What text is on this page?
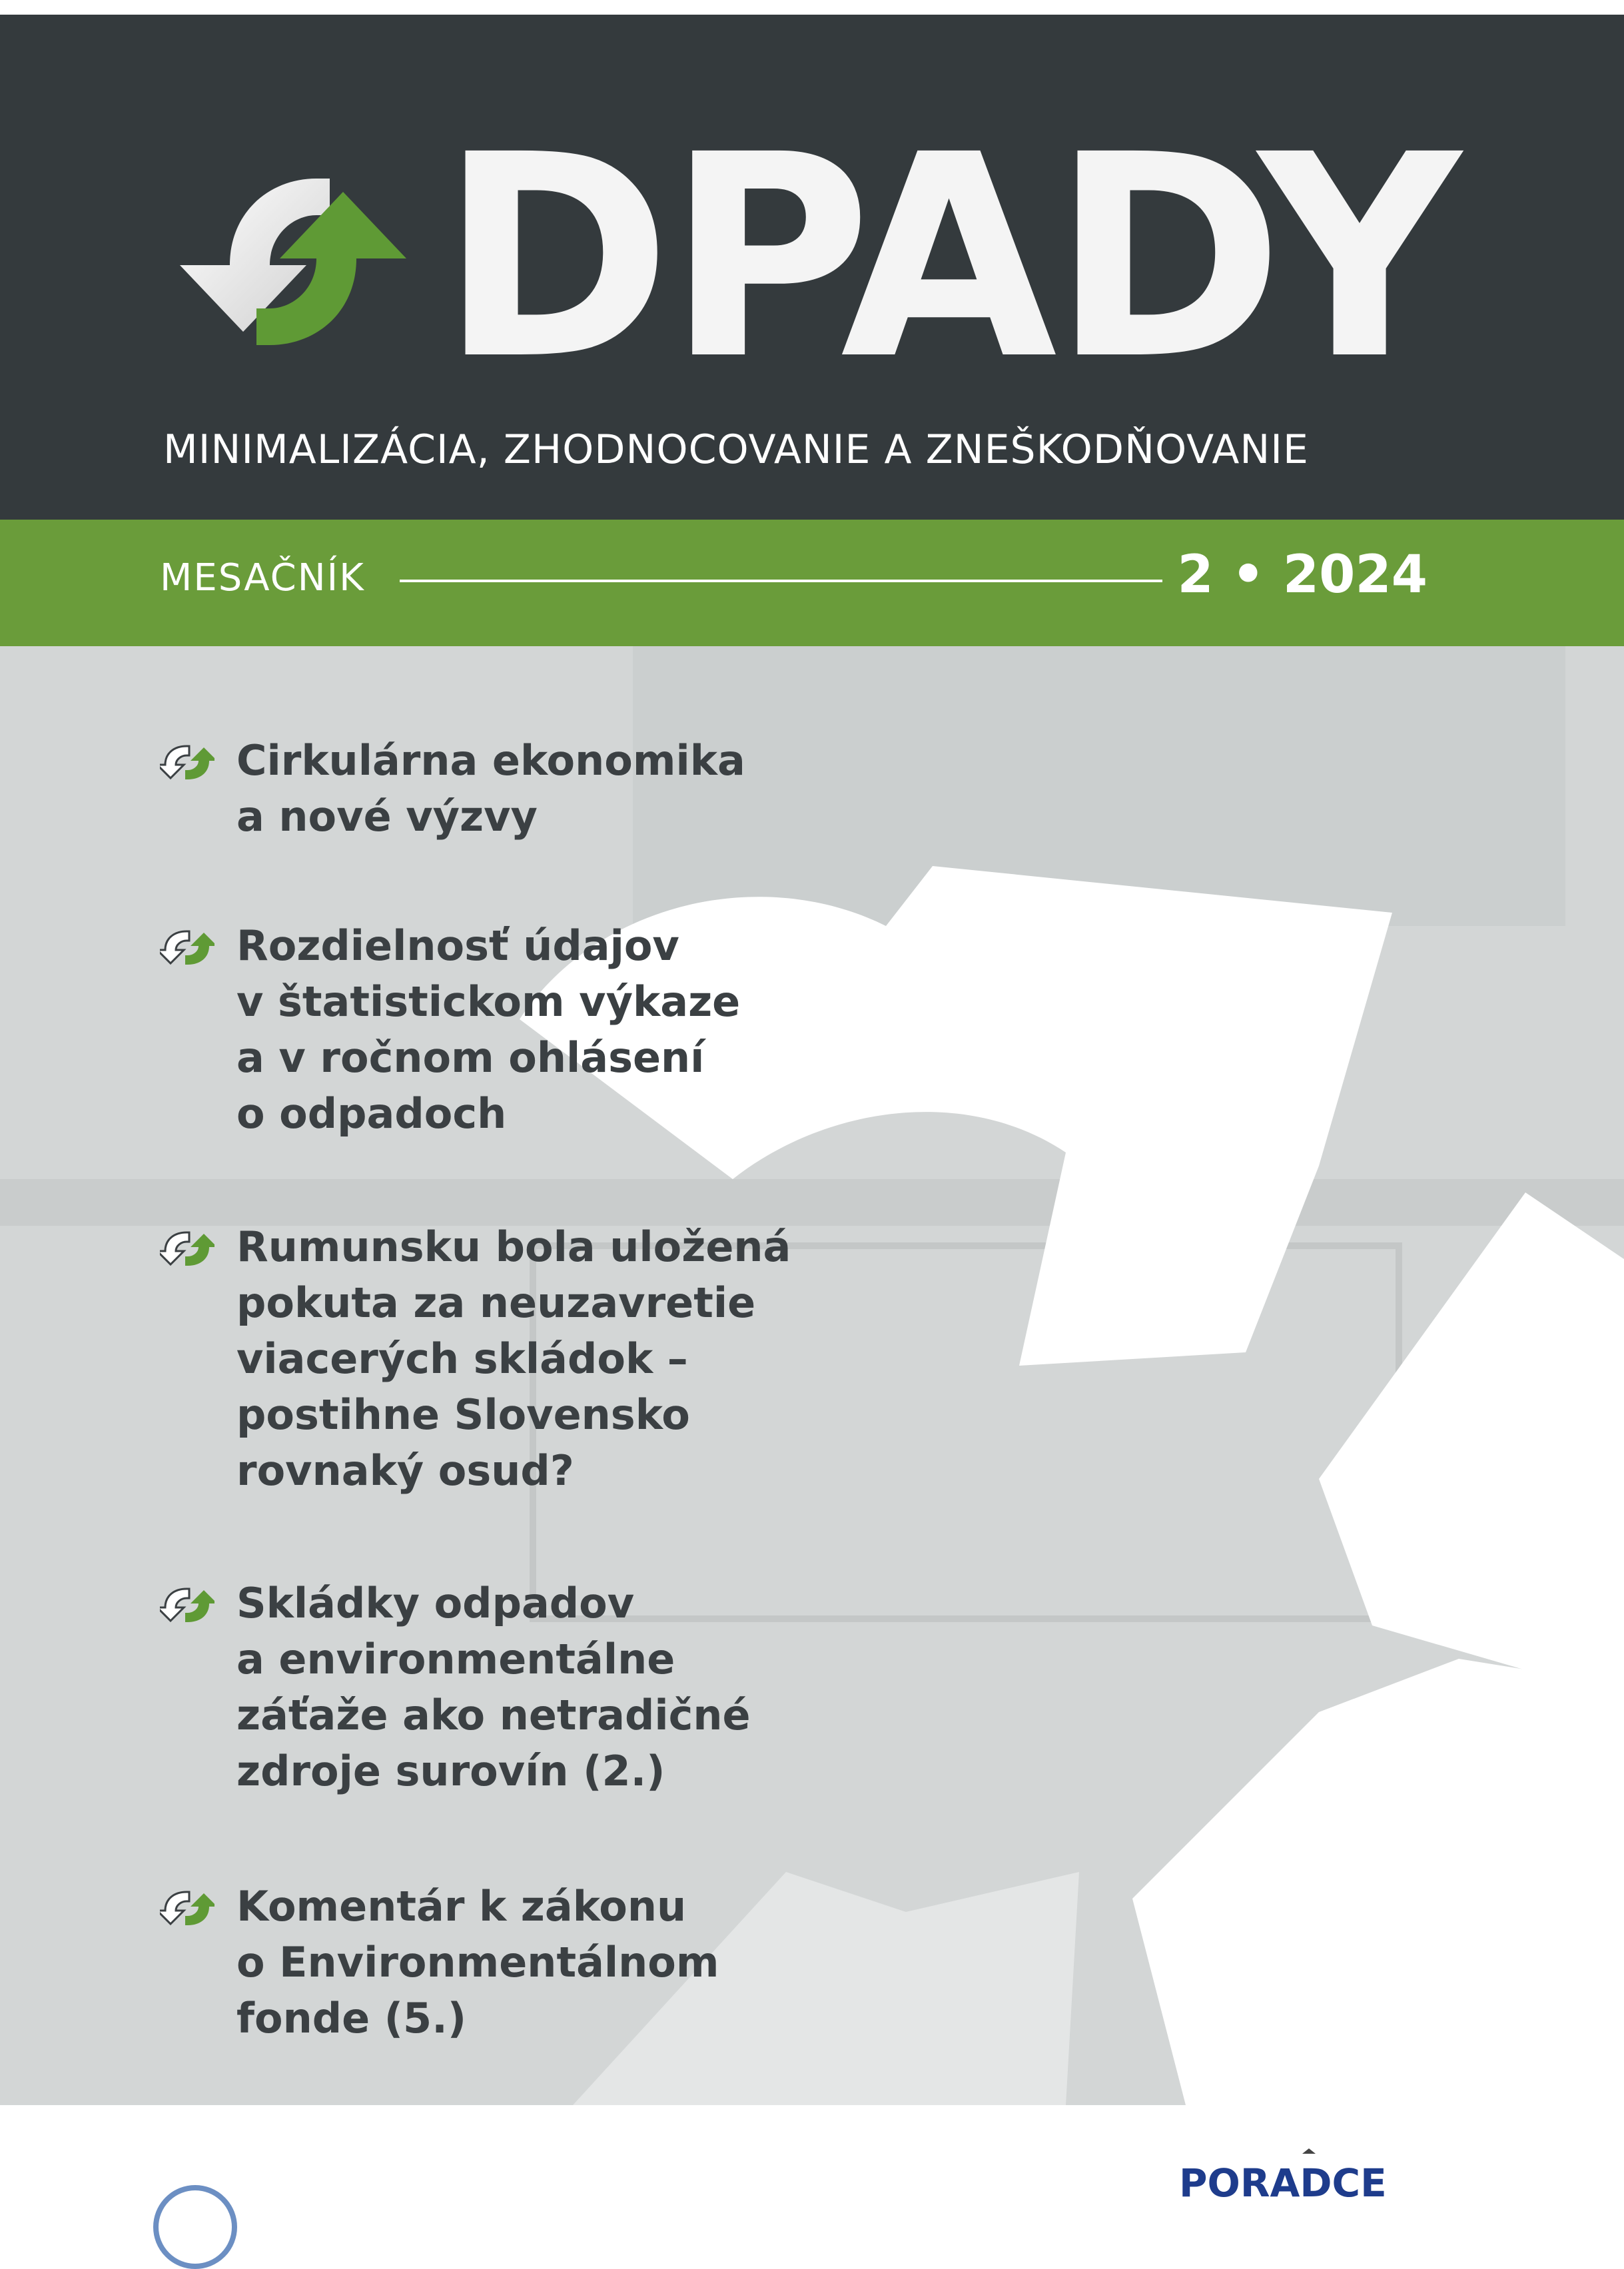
DPADY
MINIMALIZÁCIA, ZHODNOCOVANIE A ZNEŠKODŇOVANIE
MESAČNÍK	2 • 2024
Cirkulárna ekonomika
a nové výzvy
Rozdielnosť údajov
v štatistickom výkaze
a v ročnom ohlásení
o odpadoch
Rumunsku bola uložená
pokuta za neuzavretie
viacerých skládok –
postihne Slovensko
rovnaký osud?
Skládky odpadov
a environmentálne
záťaže ako netradičné
zdroje surovín (2.)
Komentár k zákonu
o Environmentálnom
fonde (5.)
PORADCE
